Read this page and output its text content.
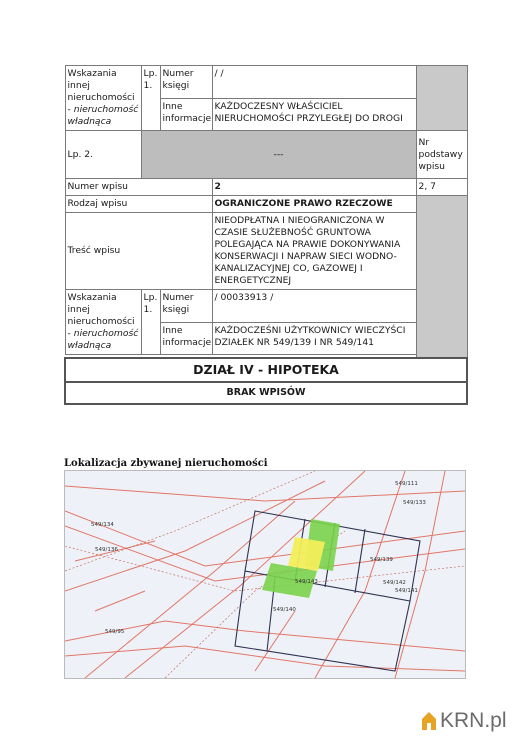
Wskazania innej nieruchomości - nieruchomość władnąca	Lp. 1.	Numer księgi	/ /	
		Inne informacje	KAŻDOCZESNY WŁAŚCICIEL NIERUCHOMOŚCI PRZYLEGŁEJ DO DROGI	
Lp. 2.	---			Nr podstawy wpisu
Numer wpisu			2	2, 7
Rodzaj wpisu			OGRANICZONE PRAWO RZECZOWE	
Treść wpisu			NIEODPŁATNA I NIEOGRANICZONA W CZASIE SŁUŻEBNOŚĆ GRUNTOWA POLEGAJĄCA NA PRAWIE DOKONYWANIA KONSERWACJI I NAPRAW SIECI WODNO-KANALIZACYJNEJ CO, GAZOWEJ I ENERGETYCZNEJ	
Wskazania innej nieruchomości - nieruchomość władnąca	Lp. 1.	Numer księgi	/ 00033913 /	
		Inne informacje	KAŻDOCZEŚNI UŻYTKOWNICY WIECZYŚCI DZIAŁEK NR 549/139 I NR 549/141	

DZIAŁ IV - HIPOTEKA				
BRAK WPISÓW				
Lokalizacja zbywanej nieruchomości
549/139
549/141
549/142
549/140
549/143
549/134
549/136
549/111
549/133
549/95
KRN.pl
